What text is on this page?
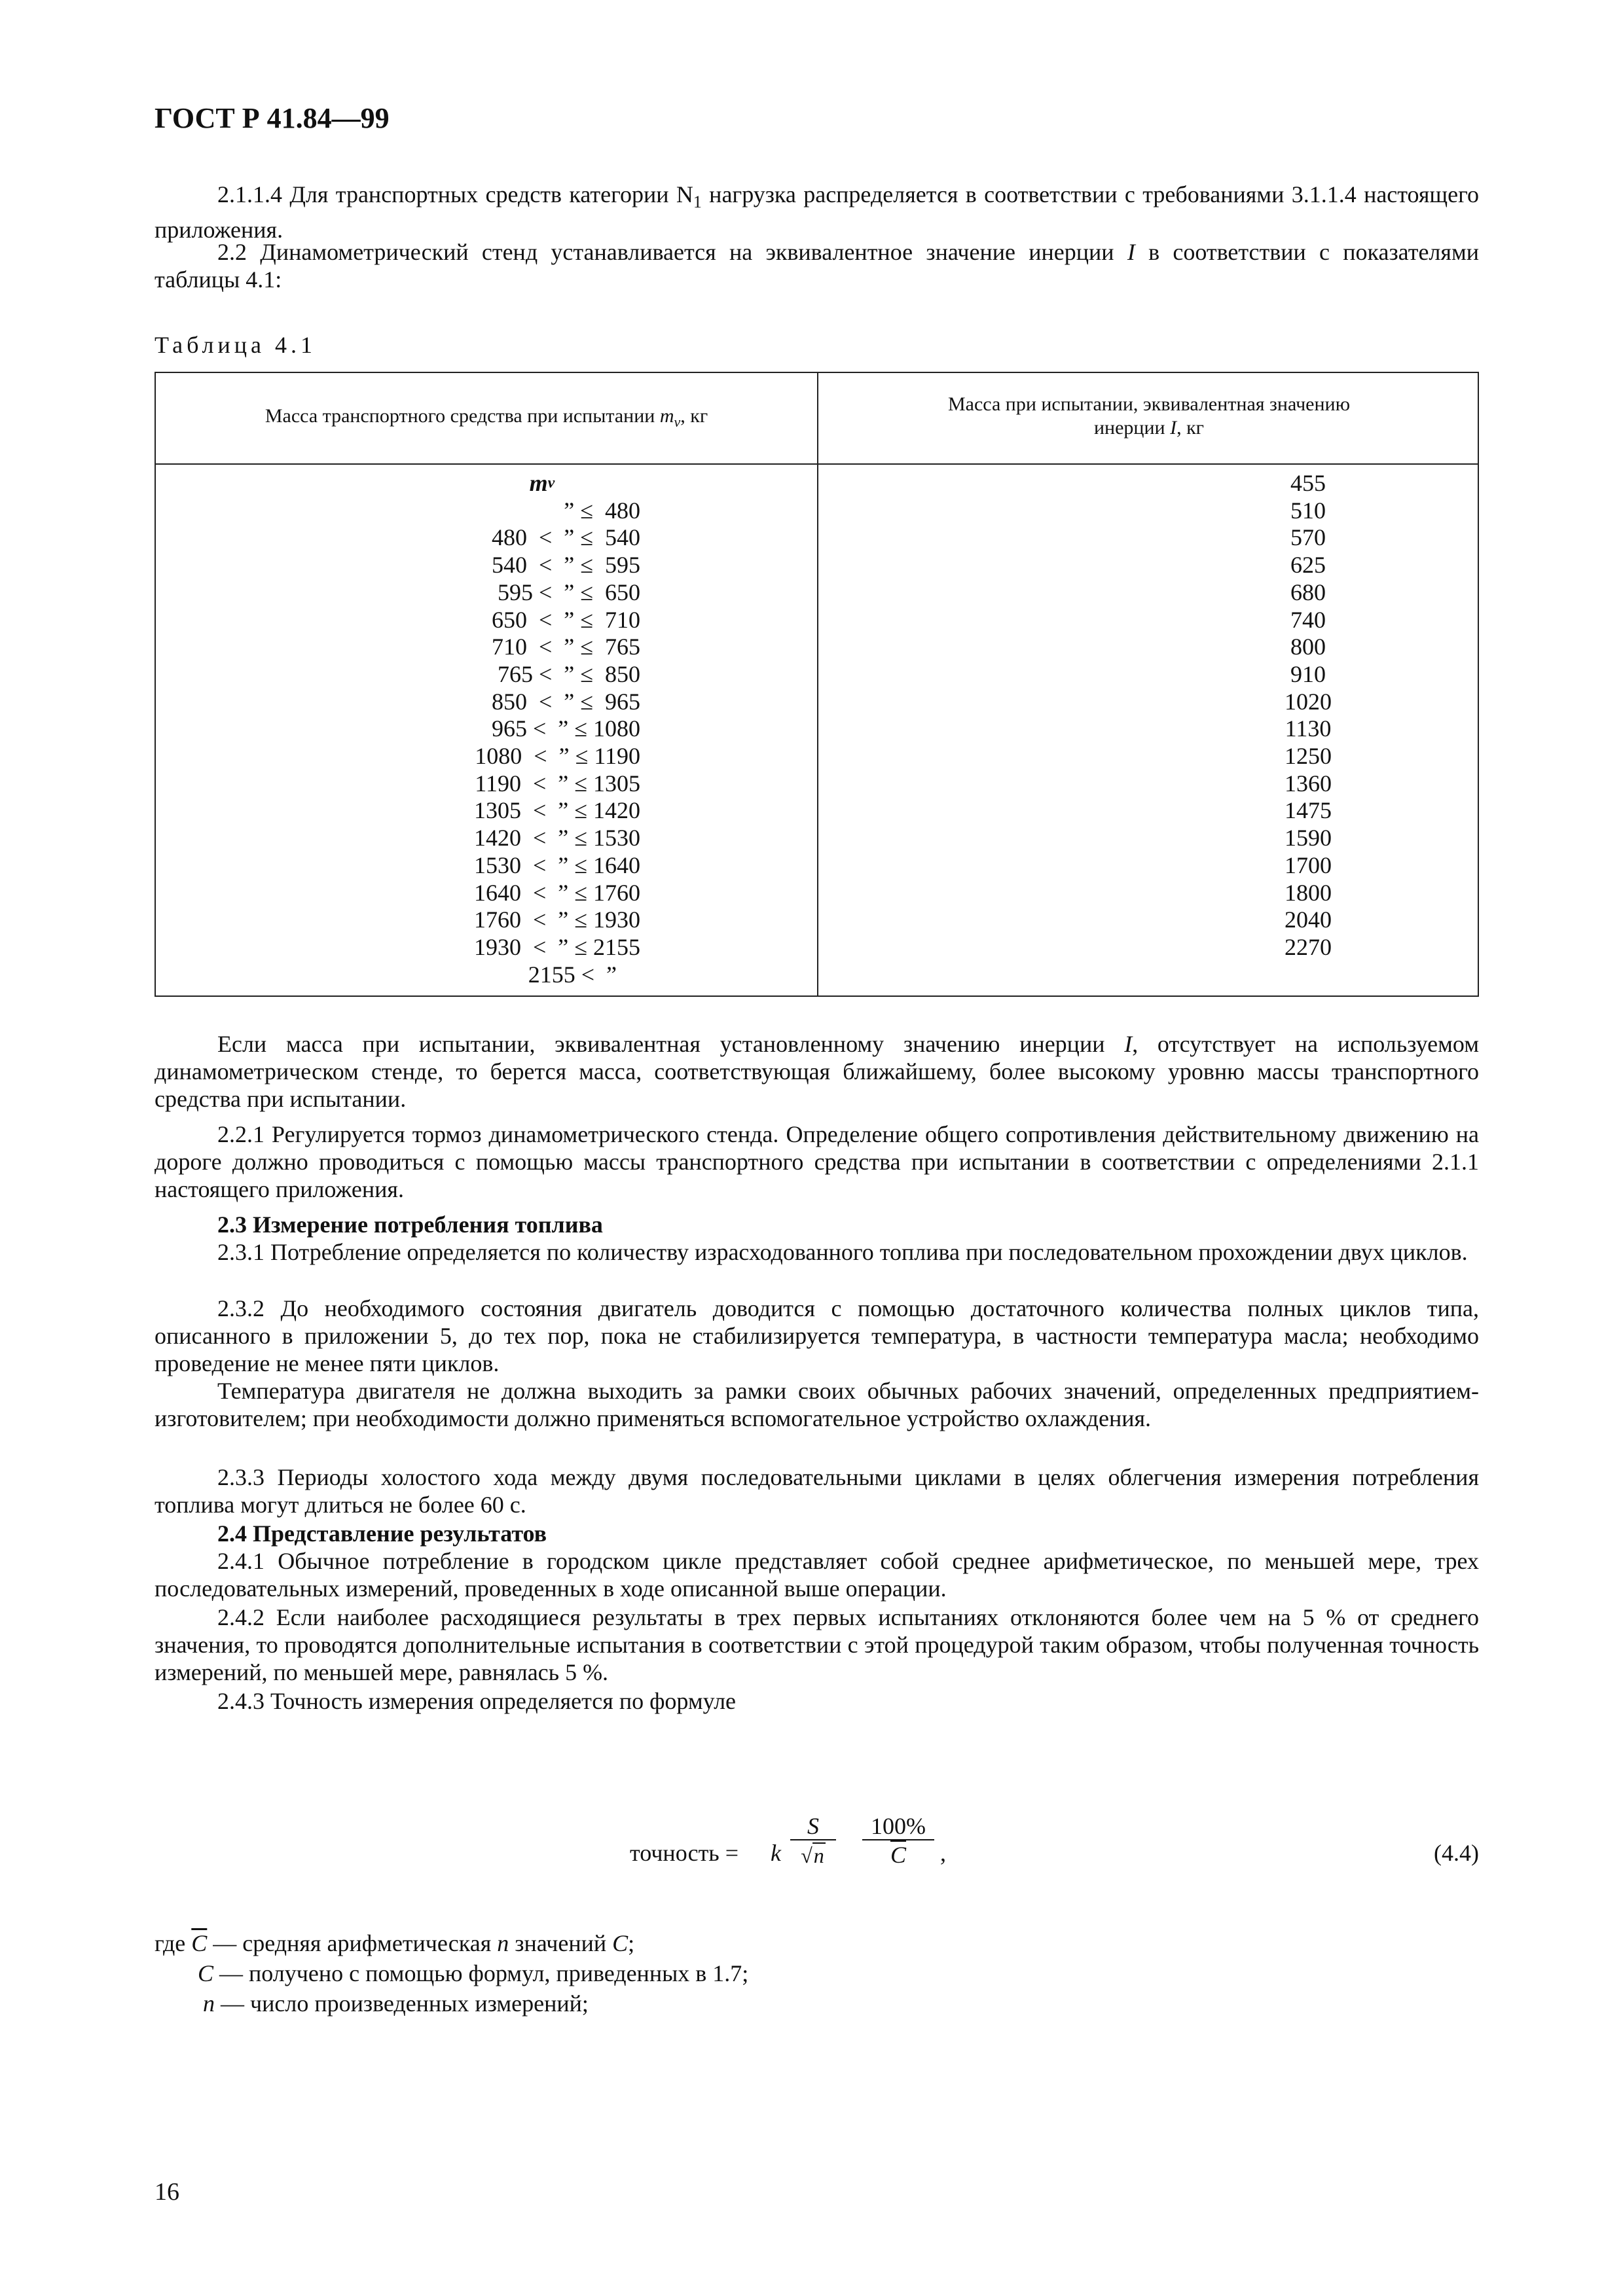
ГОСТ Р 41.84—99
2.1.1.4 Для транспортных средств категории $N_1$ нагрузка распределяется в соответствии с требованиями 3.1.1.4 настоящего приложения.
2.2 Динамометрический стенд устанавливается на эквивалентное значение инерции I в соответствии с показателями таблицы 4.1:
Таблица 4.1
Масса транспортного средства при испытании $m_v$, кг
Масса при испытании, эквивалентная значению
инерции I, кг
m v
” ≤  480
480  <  ” ≤  540
540  <  ” ≤  595
595 <  ” ≤  650
650  <  ” ≤  710
710  <  ” ≤  765
765 <  ” ≤  850
850  <  ” ≤  965
965 <  ” ≤ 1080
1080  <  ” ≤ 1190
1190  <  ” ≤ 1305
1305  <  ” ≤ 1420
1420  <  ” ≤ 1530
1530  <  ” ≤ 1640
1640  <  ” ≤ 1760
1760  <  ” ≤ 1930
1930  <  ” ≤ 2155
2155 <  ”
455
510
570
625
680
740
800
910
1020
1130
1250
1360
1475
1590
1700
1800
2040
2270
Если масса при испытании, эквивалентная установленному значению инерции I, отсутствует на используемом динамометрическом стенде, то берется масса, соответствующая ближайшему, более высокому уровню массы транспортного средства при испытании.
2.2.1 Регулируется тормоз динамометрического стенда. Определение общего сопротивления действительному движению на дороге должно проводиться с помощью массы транспортного средства при испытании в соответствии с определениями 2.1.1 настоящего приложения.
2.3 Измерение потребления топлива
2.3.1 Потребление определяется по количеству израсходованного топлива при последовательном прохождении двух циклов.
2.3.2 До необходимого состояния двигатель доводится с помощью достаточного количества полных циклов типа, описанного в приложении 5, до тех пор, пока не стабилизируется температура, в частности температура масла; необходимо проведение не менее пяти циклов.
Температура двигателя не должна выходить за рамки своих обычных рабочих значений, определенных предприятием-изготовителем; при необходимости должно применяться вспомогательное устройство охлаждения.
2.3.3 Периоды холостого хода между двумя последовательными циклами в целях облегчения измерения потребления топлива могут длиться не более 60 с.
2.4 Представление результатов
2.4.1 Обычное потребление в городском цикле представляет собой среднее арифметическое, по меньшей мере, трех последовательных измерений, проведенных в ходе описанной выше операции.
2.4.2 Если наиболее расходящиеся результаты в трех первых испытаниях отклоняются более чем на 5 % от среднего значения, то проводятся дополнительные испытания в соответствии с этой процедурой таким образом, чтобы полученная точность измерений, по меньшей мере, равнялась 5 %.
2.4.3 Точность измерения определяется по формуле
точность = k $\frac{S}{√n} \frac{100\%}{C}$ ,	(4.4)
где $\overline{C}$ — средняя арифметическая n значений C;
C — получено с помощью формул, приведенных в 1.7;
n — число произведенных измерений;
16
